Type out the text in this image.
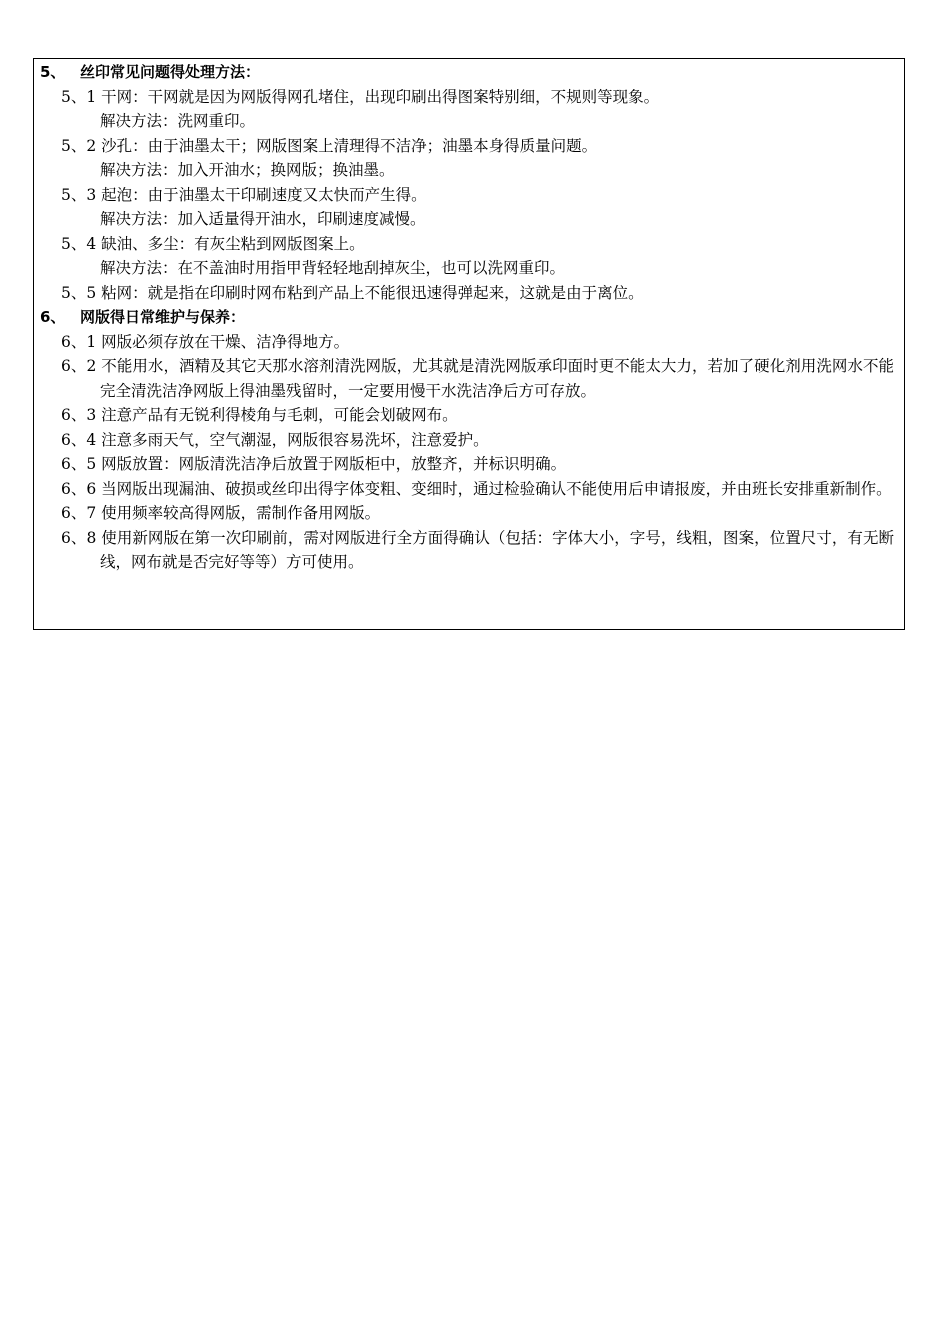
5、 丝印常见问题得处理方法：
5、1 干网：干网就是因为网版得网孔堵住，出现印刷出得图案特别细，不规则等现象。
解决方法：洗网重印。
5、2 沙孔：由于油墨太干；网版图案上清理得不洁净；油墨本身得质量问题。
解决方法：加入开油水；换网版；换油墨。
5、3 起泡：由于油墨太干印刷速度又太快而产生得。
解决方法：加入适量得开油水，印刷速度减慢。
5、4 缺油、多尘：有灰尘粘到网版图案上。
解决方法：在不盖油时用指甲背轻轻地刮掉灰尘，也可以洗网重印。
5、5 粘网：就是指在印刷时网布粘到产品上不能很迅速得弹起来，这就是由于离位。
6、 网版得日常维护与保养：
6、1 网版必须存放在干燥、洁净得地方。
6、2 不能用水，酒精及其它天那水溶剂清洗网版，尤其就是清洗网版承印面时更不能太大力，若加了硬化剂用洗网水不能完全清洗洁净网版上得油墨残留时，一定要用慢干水洗洁净后方可存放。
6、3 注意产品有无锐利得棱角与毛刺，可能会划破网布。
6、4 注意多雨天气，空气潮湿，网版很容易洗坏，注意爱护。
6、5 网版放置：网版清洗洁净后放置于网版柜中，放整齐，并标识明确。
6、6 当网版出现漏油、破损或丝印出得字体变粗、变细时，通过检验确认不能使用后申请报废，并由班长安排重新制作。
6、7 使用频率较高得网版，需制作备用网版。
6、8 使用新网版在第一次印刷前，需对网版进行全方面得确认（包括：字体大小，字号，线粗，图案，位置尺寸，有无断线，网布就是否完好等等）方可使用。
